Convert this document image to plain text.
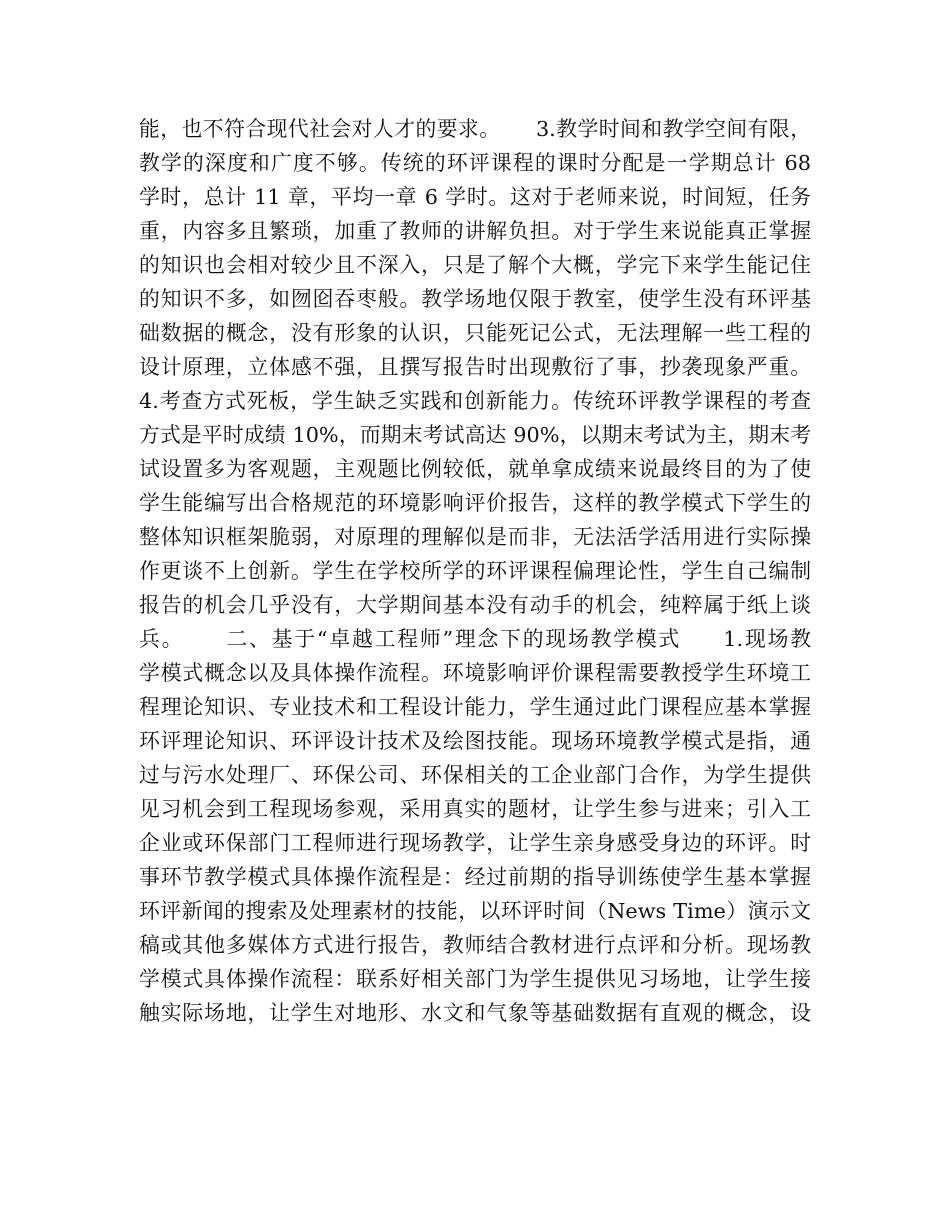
能，也不符合现代社会对人才的要求。     3.教学时间和教学空间有限，
教学的深度和广度不够。传统的环评课程的课时分配是一学期总计 68
学时，总计 11 章，平均一章 6 学时。这对于老师来说，时间短，任务
重，内容多且繁琐，加重了教师的讲解负担。对于学生来说能真正掌握
的知识也会相对较少且不深入，只是了解个大概，学完下来学生能记住
的知识不多，如囫囵吞枣般。教学场地仅限于教室，使学生没有环评基
础数据的概念，没有形象的认识，只能死记公式，无法理解一些工程的
设计原理，立体感不强，且撰写报告时出现敷衍了事，抄袭现象严重。
4.考查方式死板，学生缺乏实践和创新能力。传统环评教学课程的考查
方式是平时成绩 10%，而期末考试高达 90%，以期末考试为主，期末考
试设置多为客观题，主观题比例较低，就单拿成绩来说最终目的为了使
学生能编写出合格规范的环境影响评价报告，这样的教学模式下学生的
整体知识框架脆弱，对原理的理解似是而非，无法活学活用进行实际操
作更谈不上创新。学生在学校所学的环评课程偏理论性，学生自己编制
报告的机会几乎没有，大学期间基本没有动手的机会，纯粹属于纸上谈
兵。     二、基于“卓越工程师”理念下的现场教学模式     1.现场教
学模式概念以及具体操作流程。环境影响评价课程需要教授学生环境工
程理论知识、专业技术和工程设计能力，学生通过此门课程应基本掌握
环评理论知识、环评设计技术及绘图技能。现场环境教学模式是指，通
过与污水处理厂、环保公司、环保相关的工企业部门合作，为学生提供
见习机会到工程现场参观，采用真实的题材，让学生参与进来；引入工
企业或环保部门工程师进行现场教学，让学生亲身感受身边的环评。时
事环节教学模式具体操作流程是：经过前期的指导训练使学生基本掌握
环评新闻的搜索及处理素材的技能，以环评时间（News Time）演示文
稿或其他多媒体方式进行报告，教师结合教材进行点评和分析。现场教
学模式具体操作流程：联系好相关部门为学生提供见习场地，让学生接
触实际场地，让学生对地形、水文和气象等基础数据有直观的概念，设
